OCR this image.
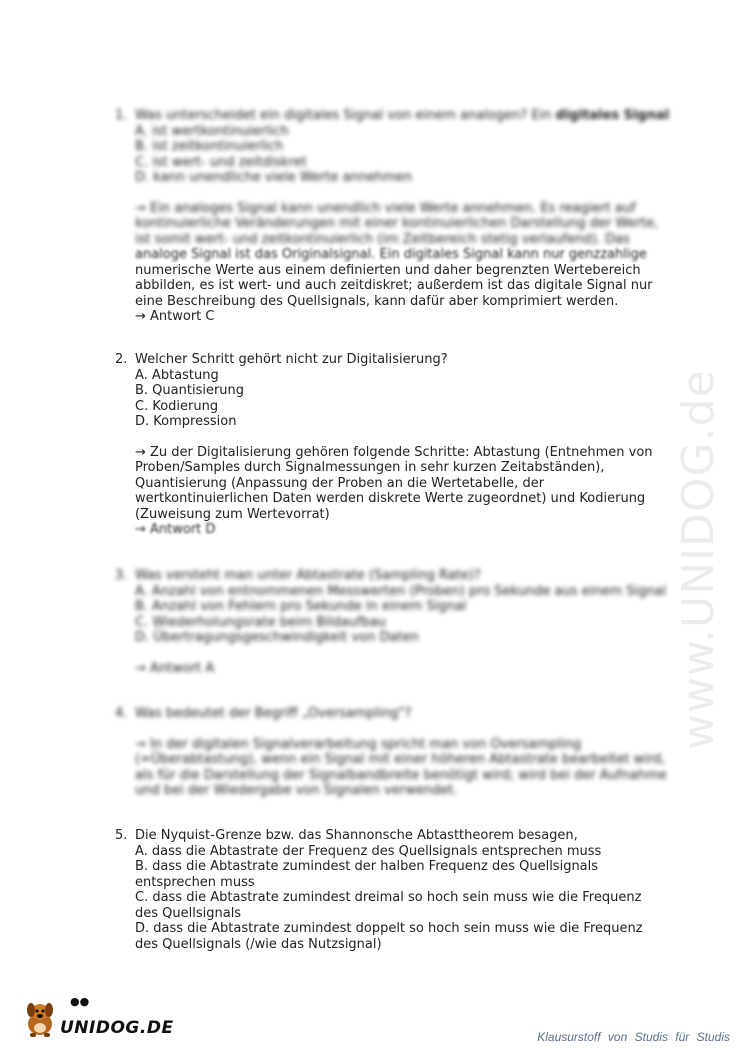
www.UNIDOG.de
1. Was unterscheidet ein digitales Signal von einem analogen? Ein digitales Signal
A. ist wertkontinuierlich
B. ist zeitkontinuierlich
C. ist wert- und zeitdiskret
D. kann unendliche viele Werte annehmen
→ Ein analoges Signal kann unendlich viele Werte annehmen. Es reagiert auf
kontinuierliche Veränderungen mit einer kontinuierlichen Darstellung der Werte,
ist somit wert- und zeitkontinuierlich (im Zeitbereich stetig verlaufend). Das
analoge Signal ist das Originalsignal. Ein digitales Signal kann nur genzzahlige
numerische Werte aus einem definierten und daher begrenzten Wertebereich
abbilden, es ist wert- und auch zeitdiskret; außerdem ist das digitale Signal nur
eine Beschreibung des Quellsignals, kann dafür aber komprimiert werden.
→ Antwort C
2. Welcher Schritt gehört nicht zur Digitalisierung?
A. Abtastung
B. Quantisierung
C. Kodierung
D. Kompression
→ Zu der Digitalisierung gehören folgende Schritte: Abtastung (Entnehmen von
Proben/Samples durch Signalmessungen in sehr kurzen Zeitabständen),
Quantisierung (Anpassung der Proben an die Wertetabelle, der
wertkontinuierlichen Daten werden diskrete Werte zugeordnet) und Kodierung
(Zuweisung zum Wertevorrat)
→ Antwort D
3. Was versteht man unter Abtastrate (Sampling Rate)?
A. Anzahl von entnommenen Messwerten (Proben) pro Sekunde aus einem Signal
B. Anzahl von Fehlern pro Sekunde in einem Signal
C. Wiederholungsrate beim Bildaufbau
D. Übertragungsgeschwindigkeit von Daten
→ Antwort A
4. Was bedeutet der Begriff „Oversampling"?
→ In der digitalen Signalverarbeitung spricht man von Oversampling
(=Überabtastung), wenn ein Signal mit einer höheren Abtastrate bearbeitet wird,
als für die Darstellung der Signalbandbreite benötigt wird; wird bei der Aufnahme
und bei der Wiedergabe von Signalen verwendet.
5. Die Nyquist-Grenze bzw. das Shannonsche Abtasttheorem besagen,
A. dass die Abtastrate der Frequenz des Quellsignals entsprechen muss
B. dass die Abtastrate zumindest der halben Frequenz des Quellsignals entsprechen muss
C. dass die Abtastrate zumindest dreimal so hoch sein muss wie die Frequenz des Quellsignals
D. dass die Abtastrate zumindest doppelt so hoch sein muss wie die Frequenz des Quellsignals (/wie das Nutzsignal)
UNIDOG.DE
●●
Klausurstoff von Studis für Studis
